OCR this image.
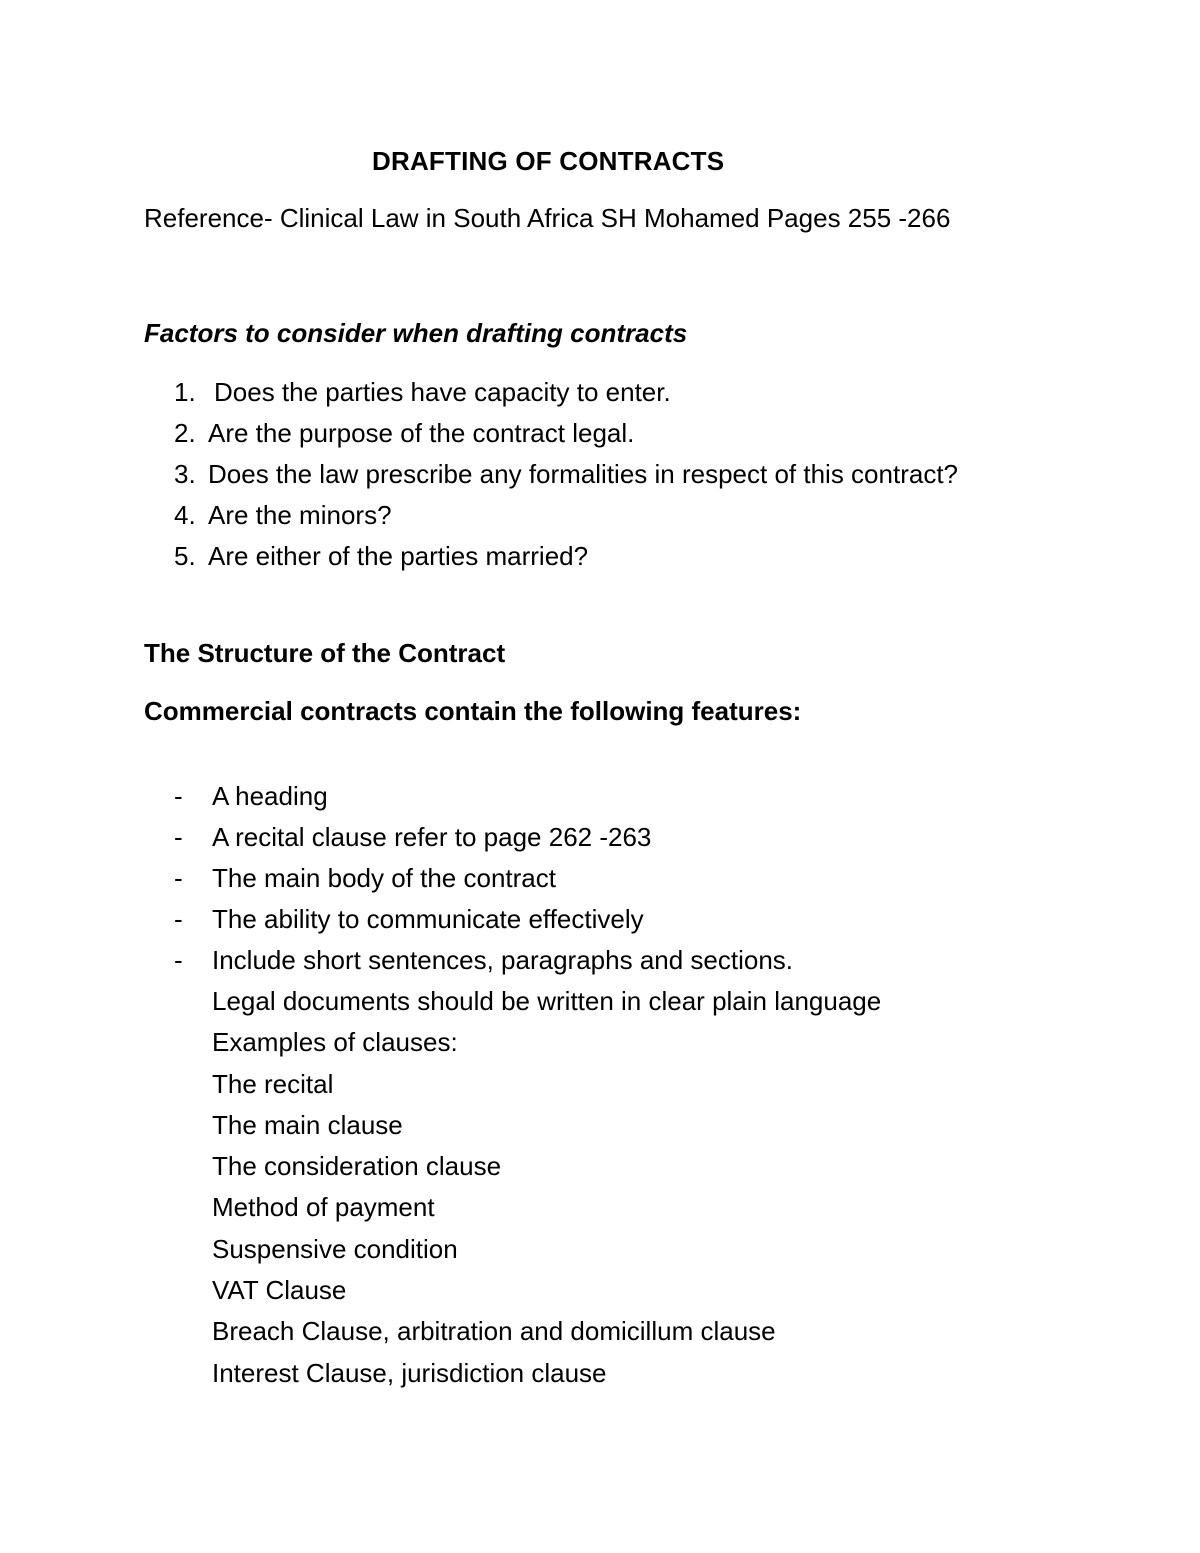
DRAFTING OF CONTRACTS
Reference- Clinical Law in South Africa SH Mohamed Pages 255 -266
Factors to consider when drafting contracts
1. Does the parties have capacity to enter.
2. Are the purpose of the contract legal.
3. Does the law prescribe any formalities in respect of this contract?
4. Are the minors?
5. Are either of the parties married?
The Structure of the Contract
Commercial contracts contain the following features:
- A heading
- A recital clause refer to page 262 -263
- The main body of the contract
- The ability to communicate effectively
- Include short sentences, paragraphs and sections.
Legal documents should be written in clear plain language
Examples of clauses:
The recital
The main clause
The consideration clause
Method of payment
Suspensive condition
VAT Clause
Breach Clause, arbitration and domicillum clause
Interest Clause, jurisdiction clause
